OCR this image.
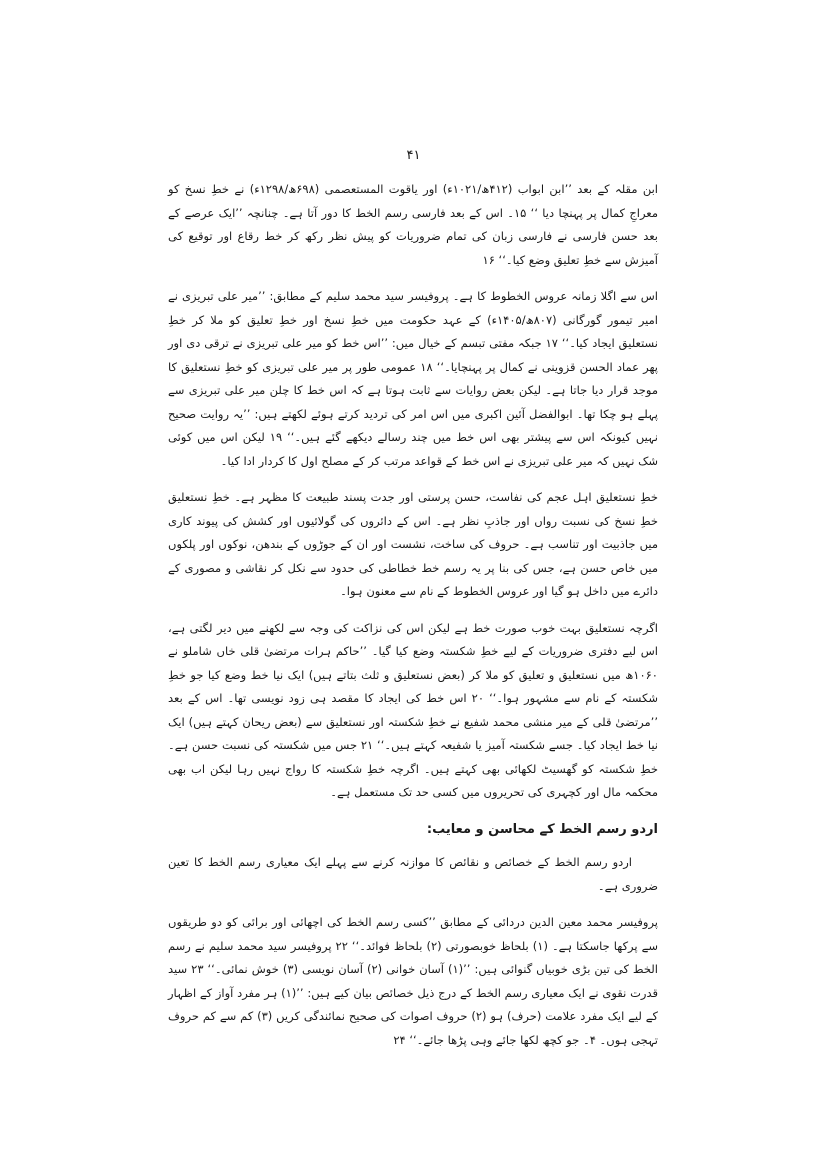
۴۱

ابن مقلہ کے بعد ’’ابن ابواب (۴۱۲ھ/۱۰۲۱ء) اور یاقوت المستعصمی (۶۹۸ھ/۱۲۹۸ء) نے خطِ نسخ کو معراجِ کمال پر پہنچا دیا ‘‘ ۱۵۔ اس کے بعد فارسی رسم الخط کا دور آتا ہے۔ چنانچہ ’’ایک عرصے کے بعد حسن فارسی نے فارسی زبان کی تمام ضروریات کو پیش نظر رکھ کر خط رقاع اور توقیع کی آمیزش سے خطِ تعلیق وضع کیا۔‘‘ ۱۶

اس سے اگلا زمانہ عروس الخطوط کا ہے۔ پروفیسر سید محمد سلیم کے مطابق: ’’میر علی تبریزی نے امیر تیمور گورگانی (۸۰۷ھ/۱۴۰۵ء) کے عہد حکومت میں خطِ نسخ اور خطِ تعلیق کو ملا کر خطِ نستعلیق ایجاد کیا۔‘‘ ۱۷ جبکہ مفتی تبسم کے خیال میں: ’’اس خط کو میر علی تبریزی نے ترقی دی اور پھر عماد الحسن قزوینی نے کمال پر پہنچایا۔‘‘ ۱۸ عمومی طور پر میر علی تبریزی کو خطِ نستعلیق کا موجد قرار دیا جاتا ہے۔ لیکن بعض روایات سے ثابت ہوتا ہے کہ اس خط کا چلن میر علی تبریزی سے پہلے ہو چکا تھا۔ ابوالفضل آئین اکبری میں اس امر کی تردید کرتے ہوئے لکھتے ہیں: ’’یہ روایت صحیح نہیں کیونکہ اس سے پیشتر بھی اس خط میں چند رسالے دیکھے گئے ہیں۔‘‘ ۱۹ لیکن اس میں کوئی شک نہیں کہ میر علی تبریزی نے اس خط کے قواعد مرتب کر کے مصلح اول کا کردار ادا کیا۔

خطِ نستعلیق اہل عجم کی نفاست، حسن پرستی اور جدت پسند طبیعت کا مظہر ہے۔ خطِ نستعلیق خطِ نسخ کی نسبت رواں اور جاذبِ نظر ہے۔ اس کے دائروں کی گولائیوں اور کشش کی پیوند کاری میں جاذبیت اور تناسب ہے۔ حروف کی ساخت، نشست اور ان کے جوڑوں کے بندھن، نوکوں اور پلکوں میں خاص حسن ہے، جس کی بنا پر یہ رسم خط خطاطی کی حدود سے نکل کر نقاشی و مصوری کے دائرے میں داخل ہو گیا اور عروس الخطوط کے نام سے معنون ہوا۔

اگرچہ نستعلیق بہت خوب صورت خط ہے لیکن اس کی نزاکت کی وجہ سے لکھنے میں دیر لگتی ہے، اس لیے دفتری ضروریات کے لیے خطِ شکستہ وضع کیا گیا۔ ’’حاکم ہرات مرتضیٰ قلی خاں شاملو نے ۱۰۶۰ھ میں نستعلیق و تعلیق کو ملا کر (بعض نستعلیق و ثلث بتاتے ہیں) ایک نیا خط وضع کیا جو خطِ شکستہ کے نام سے مشہور ہوا۔‘‘ ۲۰ اس خط کی ایجاد کا مقصد ہی زود نویسی تھا۔ اس کے بعد ’’مرتضیٰ قلی کے میر منشی محمد شفیع نے خطِ شکستہ اور نستعلیق سے (بعض ریحان کہتے ہیں) ایک نیا خط ایجاد کیا۔ جسے شکستہ آمیز یا شفیعہ کہتے ہیں۔‘‘ ۲۱ جس میں شکستہ کی نسبت حسن ہے۔ خطِ شکستہ کو گھسیٹ لکھائی بھی کہتے ہیں۔ اگرچہ خطِ شکستہ کا رواج نہیں رہا لیکن اب بھی محکمہ مال اور کچہری کی تحریروں میں کسی حد تک مستعمل ہے۔

اردو رسم الخط کے محاسن و معایب:

اردو رسم الخط کے خصائص و نقائص کا موازنہ کرنے سے پہلے ایک معیاری رسم الخط کا تعین ضروری ہے۔

پروفیسر محمد معین الدین دردائی کے مطابق ’’کسی رسم الخط کی اچھائی اور برائی کو دو طریقوں سے پرکھا جاسکتا ہے۔ (۱) بلحاظ خوبصورتی (۲) بلحاظ فوائد۔‘‘ ۲۲ پروفیسر سید محمد سلیم نے رسم الخط کی تین بڑی خوبیاں گنوائی ہیں: ’’(۱) آسان خوانی (۲) آسان نویسی (۳) خوش نمائی۔‘‘ ۲۳ سید قدرت نقوی نے ایک معیاری رسم الخط کے درج ذیل خصائص بیان کیے ہیں: ’’(۱) ہر مفرد آواز کے اظہار کے لیے ایک مفرد علامت (حرف) ہو (۲) حروف اصوات کی صحیح نمائندگی کریں (۳) کم سے کم حروف تہجی ہوں۔ ۴۔ جو کچھ لکھا جائے وہی پڑھا جائے۔‘‘ ۲۴
